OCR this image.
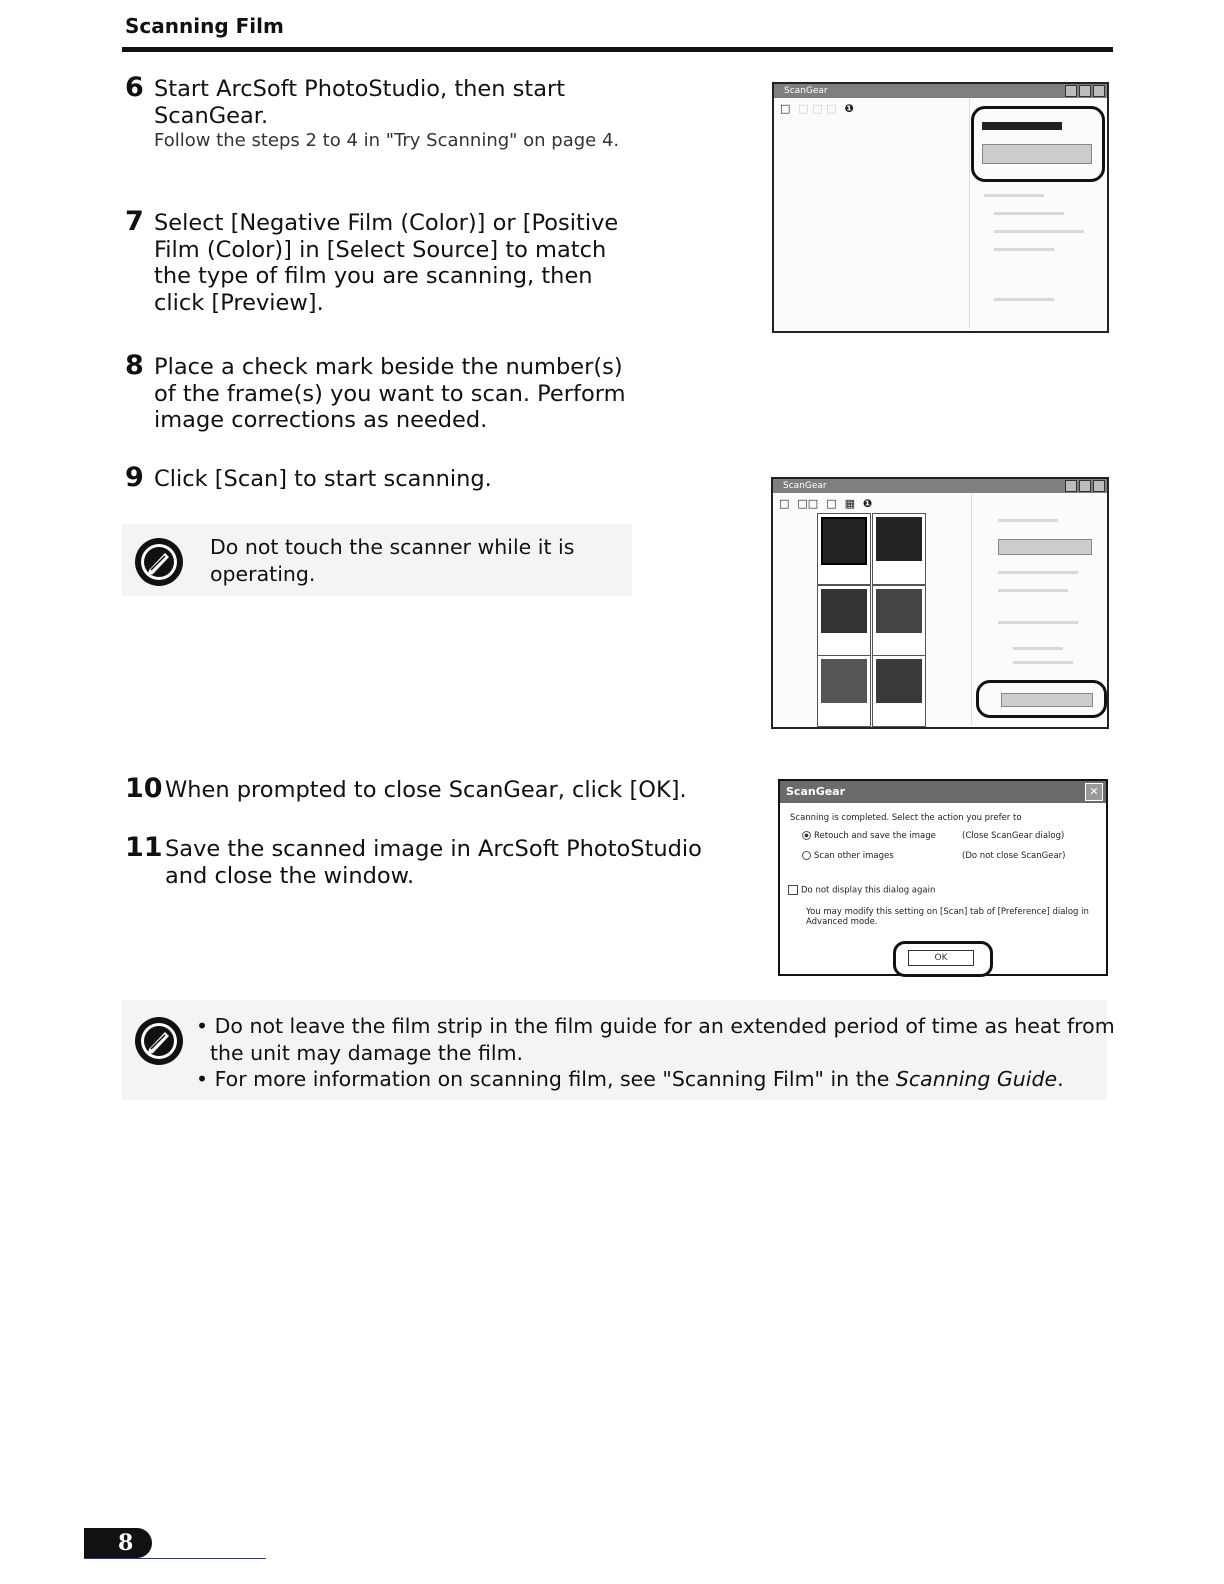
Scanning Film
6 Start ArcSoft PhotoStudio, then start ScanGear.
Follow the steps 2 to 4 in "Try Scanning" on page 4.
7 Select [Negative Film (Color)] or [Positive Film (Color)] in [Select Source] to match the type of film you are scanning, then click [Preview].
8 Place a check mark beside the number(s) of the frame(s) you want to scan. Perform image corrections as needed.
9 Click [Scan] to start scanning.
Do not touch the scanner while it is operating.
10 When prompted to close ScanGear, click [OK].
11 Save the scanned image in ArcSoft PhotoStudio and close the window.
ScanGear
□ □ □ □ ❶
ScanGear
□ □□ □ ▦ ❶
ScanGear	✕
Scanning is completed. Select the action you prefer to
Retouch and save the image	(Close ScanGear dialog)
Scan other images	(Do not close ScanGear)
Do not display this dialog again
You may modify this setting on [Scan] tab of [Preference] dialog in Advanced mode.
OK
• Do not leave the film strip in the film guide for an extended period of time as heat from the unit may damage the film.
• For more information on scanning film, see "Scanning Film" in the Scanning Guide.
8
